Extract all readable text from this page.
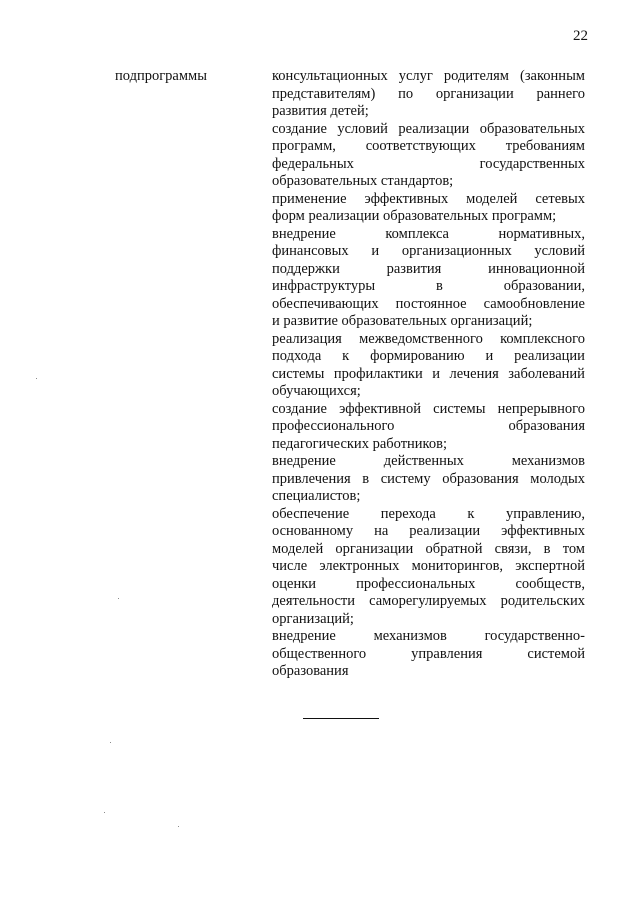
22
подпрограммы	консультационных услуг родителям (законным
представителям) по организации раннего
развития детей;
создание условий реализации образовательных
программ, соответствующих требованиям
федеральных	государственных
образовательных стандартов;
применение эффективных моделей сетевых
форм реализации образовательных программ;
внедрение	комплекса	нормативных,
финансовых и организационных условий
поддержки	развития	инновационной
инфраструктуры	в	образовании,
обеспечивающих постоянное самообновление
и развитие образовательных организаций;
реализация межведомственного комплексного
подхода к формированию и реализации
системы профилактики и лечения заболеваний
обучающихся;
создание эффективной системы непрерывного
профессионального	образования
педагогических работников;
внедрение	действенных	механизмов
привлечения в систему образования молодых
специалистов;
обеспечение перехода к управлению,
основанному на реализации эффективных
моделей организации обратной связи, в том
числе электронных мониторингов, экспертной
оценки	профессиональных	сообществ,
деятельности саморегулируемых родительских
организаций;
внедрение	механизмов	государственно-
общественного	управления	системой
образования
